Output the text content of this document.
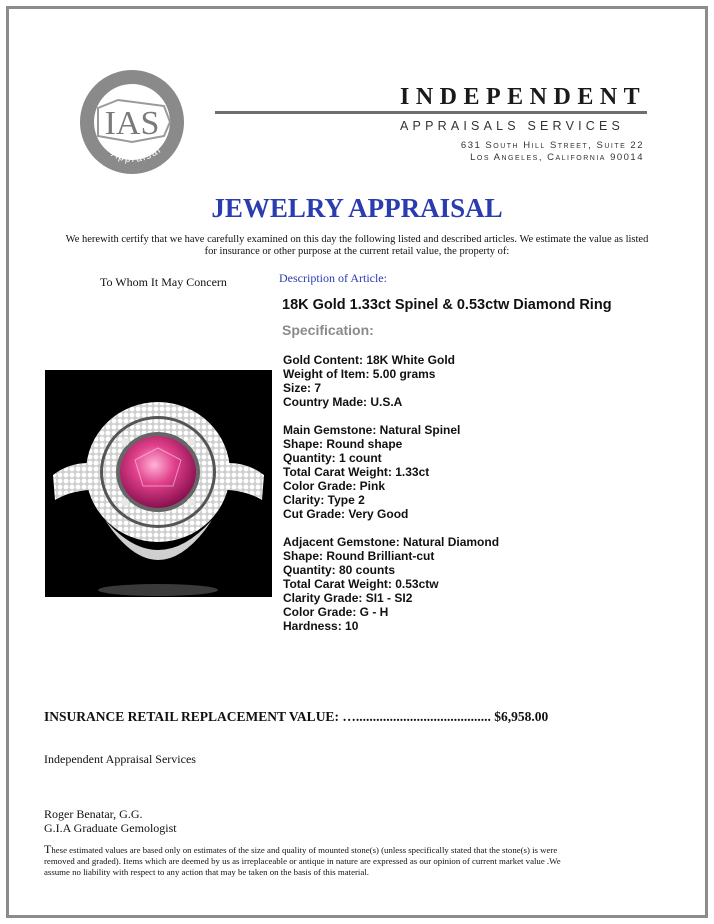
IAS
Appraisal
INDEPENDENT
APPRAISALS SERVICES
631 South Hill Street, Suite 22
Los Angeles, California 90014
JEWELRY APPRAISAL
We herewith certify that we have carefully examined on this day the following listed and described articles. We estimate the value as listed for insurance or other purpose at the current retail value, the property of:
To Whom It May Concern	Description of Article:
18K Gold 1.33ct Spinel & 0.53ctw Diamond Ring
Specification:
Gold Content: 18K White Gold
Weight of Item: 5.00 grams
Size: 7
Country Made: U.S.A
Main Gemstone: Natural Spinel
Shape: Round shape
Quantity: 1 count
Total Carat Weight: 1.33ct
Color Grade: Pink
Clarity: Type 2
Cut Grade: Very Good
Adjacent Gemstone: Natural Diamond
Shape: Round Brilliant-cut
Quantity: 80 counts
Total Carat Weight: 0.53ctw
Clarity Grade: SI1 - SI2
Color Grade: G - H
Hardness: 10
INSURANCE RETAIL REPLACEMENT VALUE: …........................................ $6,958.00
Independent Appraisal Services
Roger Benatar, G.G.
G.I.A Graduate Gemologist
These estimated values are based only on estimates of the size and quality of mounted stone(s) (unless specifically stated that the stone(s) is were removed and graded). Items which are deemed by us as irreplaceable or antique in nature are expressed as our opinion of current market value .We assume no liability with respect to any action that may be taken on the basis of this material.
